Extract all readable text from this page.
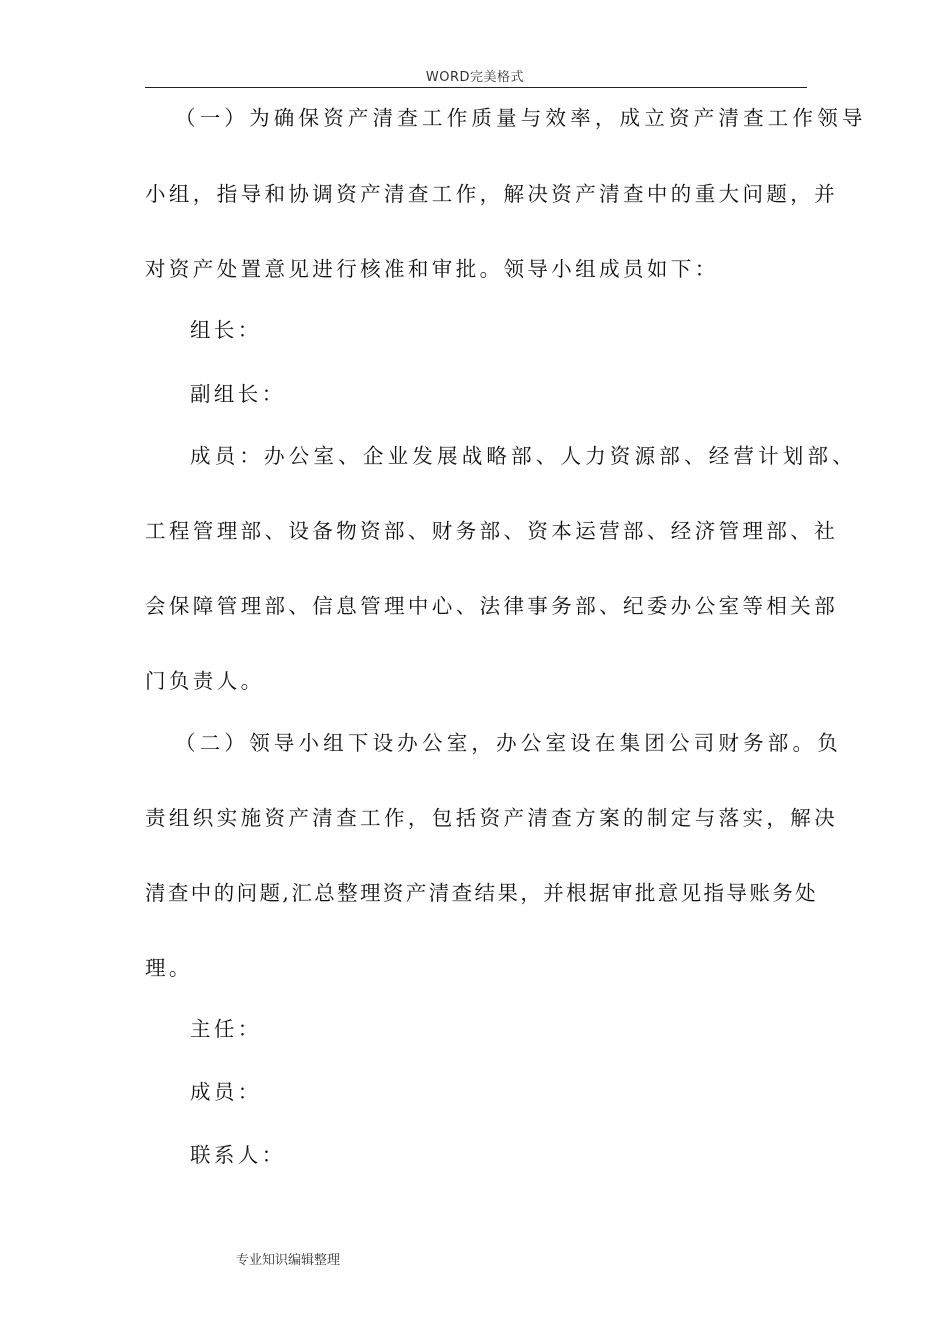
WORD完美格式
（一）为确保资产清查工作质量与效率，成立资产清查工作领导
小组，指导和协调资产清查工作，解决资产清查中的重大问题，并
对资产处置意见进行核准和审批。领导小组成员如下：
组长：
副组长：
成员：办公室、企业发展战略部、人力资源部、经营计划部、
工程管理部、设备物资部、财务部、资本运营部、经济管理部、社
会保障管理部、信息管理中心、法律事务部、纪委办公室等相关部
门负责人。
（二）领导小组下设办公室，办公室设在集团公司财务部。负
责组织实施资产清查工作，包括资产清查方案的制定与落实，解决
清查中的问题,汇总整理资产清查结果，并根据审批意见指导账务处
理。
主任：
成员：
联系人：
专业知识编辑整理
